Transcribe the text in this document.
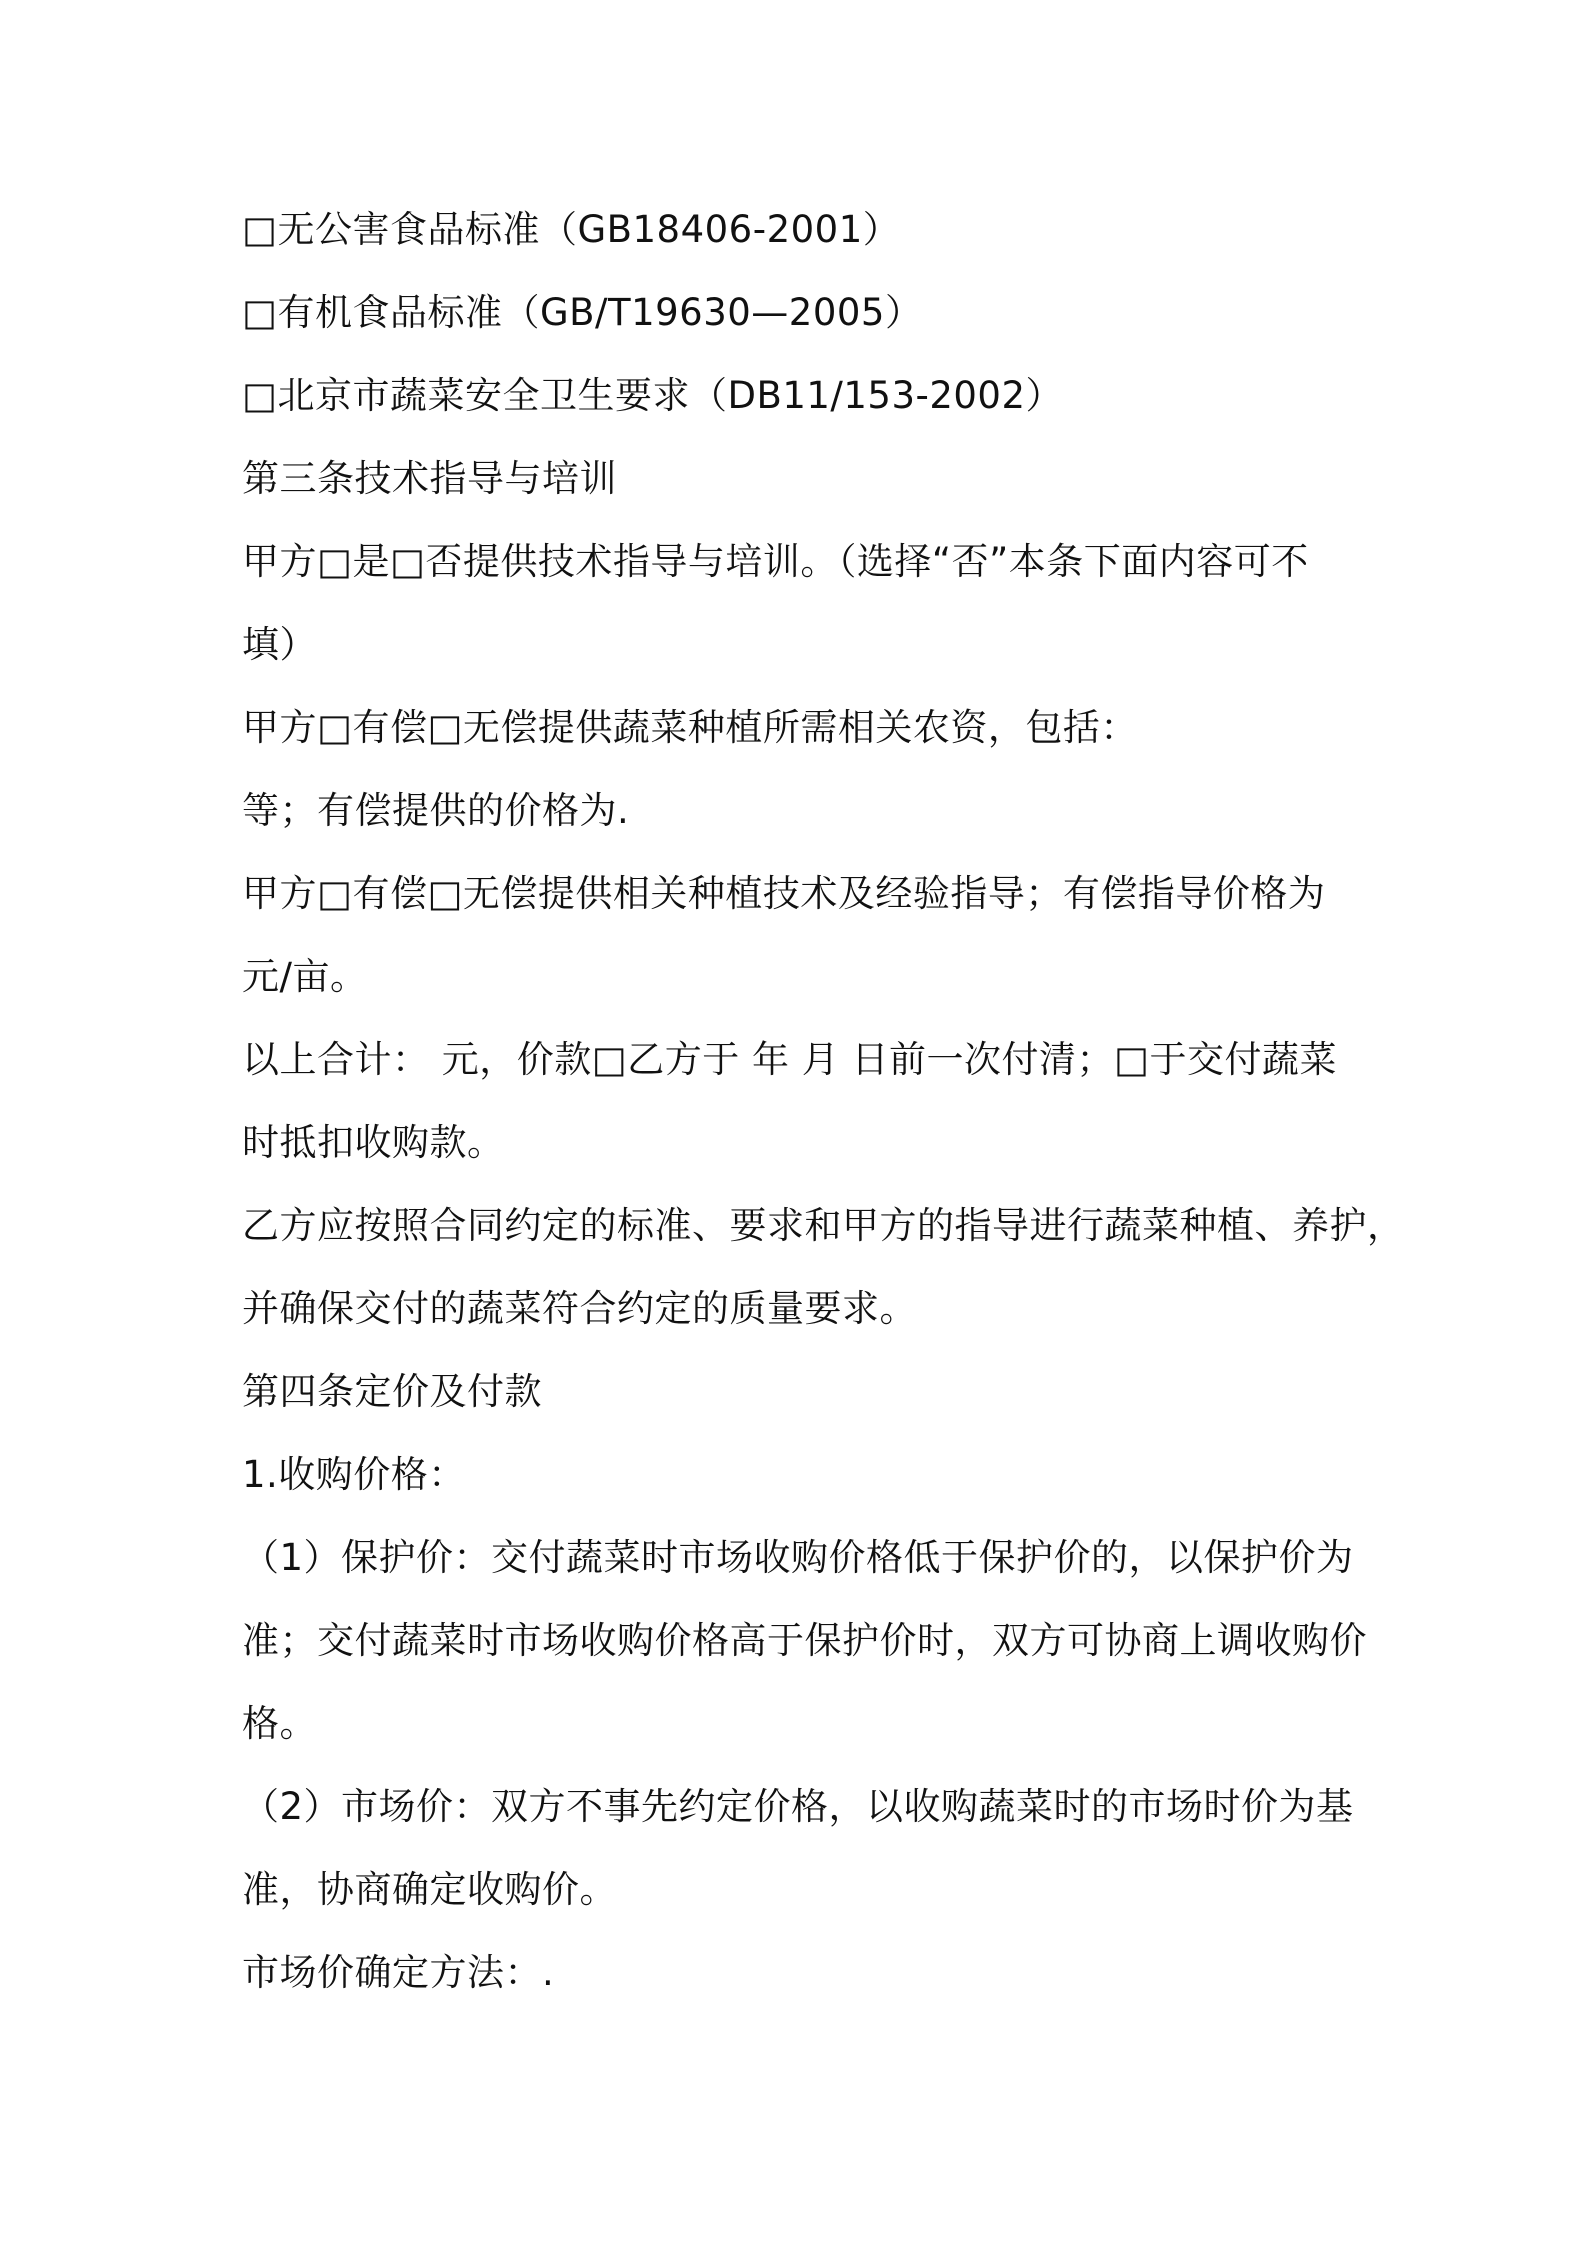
□无公害食品标准（GB18406-2001）
□有机食品标准（GB/T19630—2005）
□北京市蔬菜安全卫生要求（DB11/153-2002）
第三条技术指导与培训
甲方□是□否提供技术指导与培训。（选择“否”本条下面内容可不
填）
甲方□有偿□无偿提供蔬菜种植所需相关农资，包括：
等；有偿提供的价格为.
甲方□有偿□无偿提供相关种植技术及经验指导；有偿指导价格为
元/亩。
以上合计： 元，价款□乙方于 年 月 日前一次付清；□于交付蔬菜
时抵扣收购款。
乙方应按照合同约定的标准、要求和甲方的指导进行蔬菜种植、养护，
并确保交付的蔬菜符合约定的质量要求。
第四条定价及付款
1.收购价格：
（1）保护价：交付蔬菜时市场收购价格低于保护价的，以保护价为
准；交付蔬菜时市场收购价格高于保护价时，双方可协商上调收购价
格。
（2）市场价：双方不事先约定价格，以收购蔬菜时的市场时价为基
准，协商确定收购价。
市场价确定方法：.
